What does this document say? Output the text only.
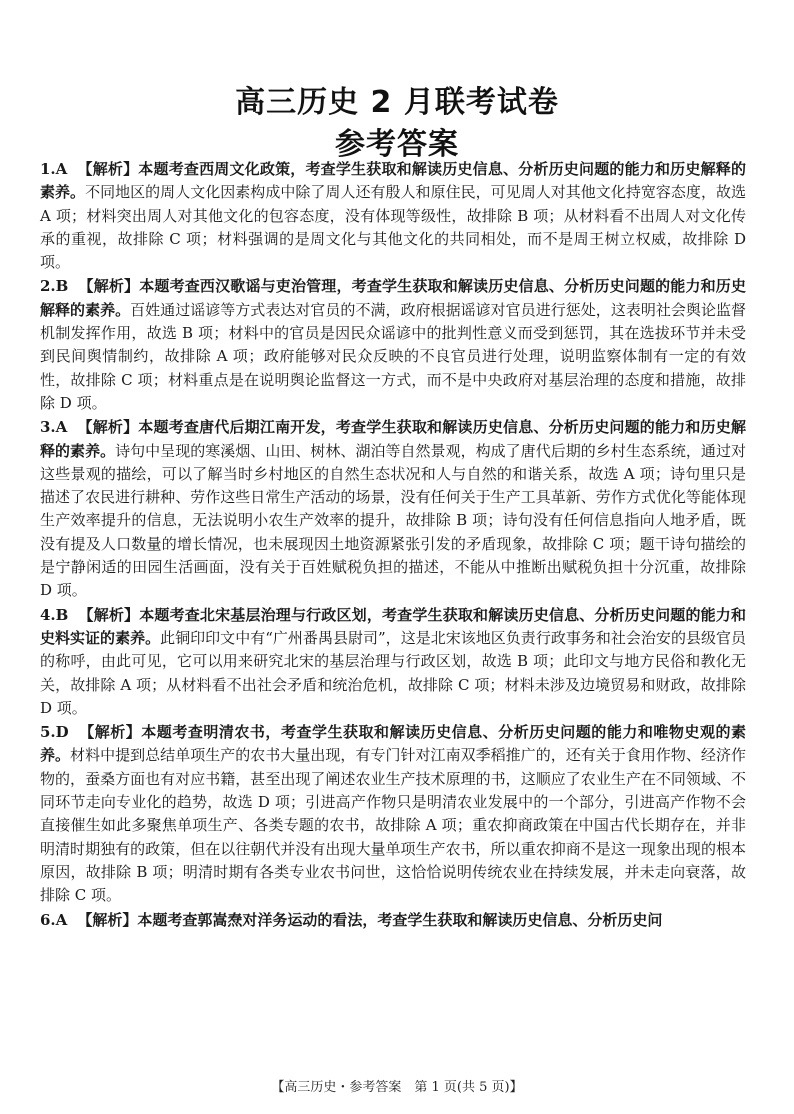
高三历史 2 月联考试卷
参考答案

1.A 【解析】本题考查西周文化政策，考查学生获取和解读历史信息、分析历史问题的能力和历史解释的素养。不同地区的周人文化因素构成中除了周人还有殷人和原住民，可见周人对其他文化持宽容态度，故选 A 项；材料突出周人对其他文化的包容态度，没有体现等级性，故排除 B 项；从材料看不出周人对文化传承的重视，故排除 C 项；材料强调的是周文化与其他文化的共同相处，而不是周王树立权威，故排除 D 项。

2.B 【解析】本题考查西汉歌谣与吏治管理，考查学生获取和解读历史信息、分析历史问题的能力和历史解释的素养。百姓通过谣谚等方式表达对官员的不满，政府根据谣谚对官员进行惩处，这表明社会舆论监督机制发挥作用，故选 B 项；材料中的官员是因民众谣谚中的批判性意义而受到惩罚，其在选拔环节并未受到民间舆情制约，故排除 A 项；政府能够对民众反映的不良官员进行处理，说明监察体制有一定的有效性，故排除 C 项；材料重点是在说明舆论监督这一方式，而不是中央政府对基层治理的态度和措施，故排除 D 项。

3.A 【解析】本题考查唐代后期江南开发，考查学生获取和解读历史信息、分析历史问题的能力和历史解释的素养。诗句中呈现的寒溪烟、山田、树林、湖泊等自然景观，构成了唐代后期的乡村生态系统，通过对这些景观的描绘，可以了解当时乡村地区的自然生态状况和人与自然的和谐关系，故选 A 项；诗句里只是描述了农民进行耕种、劳作这些日常生产活动的场景，没有任何关于生产工具革新、劳作方式优化等能体现生产效率提升的信息，无法说明小农生产效率的提升，故排除 B 项；诗句没有任何信息指向人地矛盾，既没有提及人口数量的增长情况，也未展现因土地资源紧张引发的矛盾现象，故排除 C 项；题干诗句描绘的是宁静闲适的田园生活画面，没有关于百姓赋税负担的描述，不能从中推断出赋税负担十分沉重，故排除 D 项。

4.B 【解析】本题考查北宋基层治理与行政区划，考查学生获取和解读历史信息、分析历史问题的能力和史料实证的素养。此铜印印文中有“广州番禺县尉司”，这是北宋该地区负责行政事务和社会治安的县级官员的称呼，由此可见，它可以用来研究北宋的基层治理与行政区划，故选 B 项；此印文与地方民俗和教化无关，故排除 A 项；从材料看不出社会矛盾和统治危机，故排除 C 项；材料未涉及边境贸易和财政，故排除 D 项。

5.D 【解析】本题考查明清农书，考查学生获取和解读历史信息、分析历史问题的能力和唯物史观的素养。材料中提到总结单项生产的农书大量出现，有专门针对江南双季稻推广的，还有关于食用作物、经济作物的，蚕桑方面也有对应书籍，甚至出现了阐述农业生产技术原理的书，这顺应了农业生产在不同领域、不同环节走向专业化的趋势，故选 D 项；引进高产作物只是明清农业发展中的一个部分，引进高产作物不会直接催生如此多聚焦单项生产、各类专题的农书，故排除 A 项；重农抑商政策在中国古代长期存在，并非明清时期独有的政策，但在以往朝代并没有出现大量单项生产农书，所以重农抑商不是这一现象出现的根本原因，故排除 B 项；明清时期有各类专业农书问世，这恰恰说明传统农业在持续发展，并未走向衰落，故排除 C 项。

6.A 【解析】本题考查郭嵩焘对洋务运动的看法，考查学生获取和解读历史信息、分析历史问

【高三历史・参考答案　第 1 页(共 5 页)】
